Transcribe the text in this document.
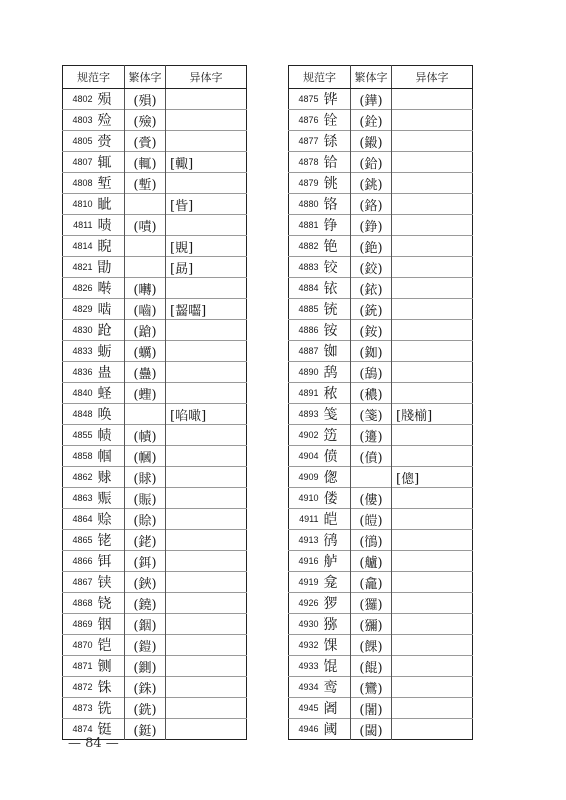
规范字		繁体字	异体字
4802	殒	(殞)	
4803	殓	(殮)	
4805	赍	(賫)	
4807	辄	(輒)	[輙]
4808	堑	(塹)	
4810	眦		[眥]
4811	啧	(嘖)	
4814	睨		[覞]
4821	勖		[勗]
4826	啭	(囀)	
4829	啮	(嚙)	[齧囓]
4830	跄	(蹌)	
4833	蛎	(蠣)	
4836	蛊	(蠱)	
4840	蛏	(蟶)	
4848	唤		[啗噉]
4855	帻	(幘)	
4858	帼	(幗)	
4862	赇	(賕)	
4863	赈	(賑)	
4864	赊	(賒)	
4865	铑	(銠)	
4866	铒	(鉺)	
4867	铗	(鋏)	
4868	铙	(鐃)	
4869	铟	(銦)	
4870	铠	(鎧)	
4871	铡	(鍘)	
4872	铢	(銖)	
4873	铣	(銑)	
4874	铤	(鋌)	
规范字		繁体字	异体字
4875	铧	(鏵)	
4876	铨	(銓)	
4877	铩	(鎩)	
4878	铪	(鉿)	
4879	铫	(銚)	
4880	铬	(鉻)	
4881	铮	(錚)	
4882	铯	(銫)	
4883	铰	(鉸)	
4884	铱	(銥)	
4885	铳	(銃)	
4886	铵	(銨)	
4887	铷	(銣)	
4890	鸹	(鴰)	
4891	秾	(穠)	
4893	笺	(箋)	[牋椾]
4902	笾	(籩)	
4904	偾	(僨)	
4909	偬		[傯]
4910	偻	(僂)	
4911	皑	(皚)	
4913	鸻	(鴴)	
4916	舻	(艫)	
4919	龛	(龕)	
4926	猡	(玀)	
4930	猕	(獼)	
4932	馃	(餜)	
4933	馄	(餛)	
4934	鸾	(鸞)	
4945	阇	(闍)	
4946	阈	(閾)	
— 84 —
